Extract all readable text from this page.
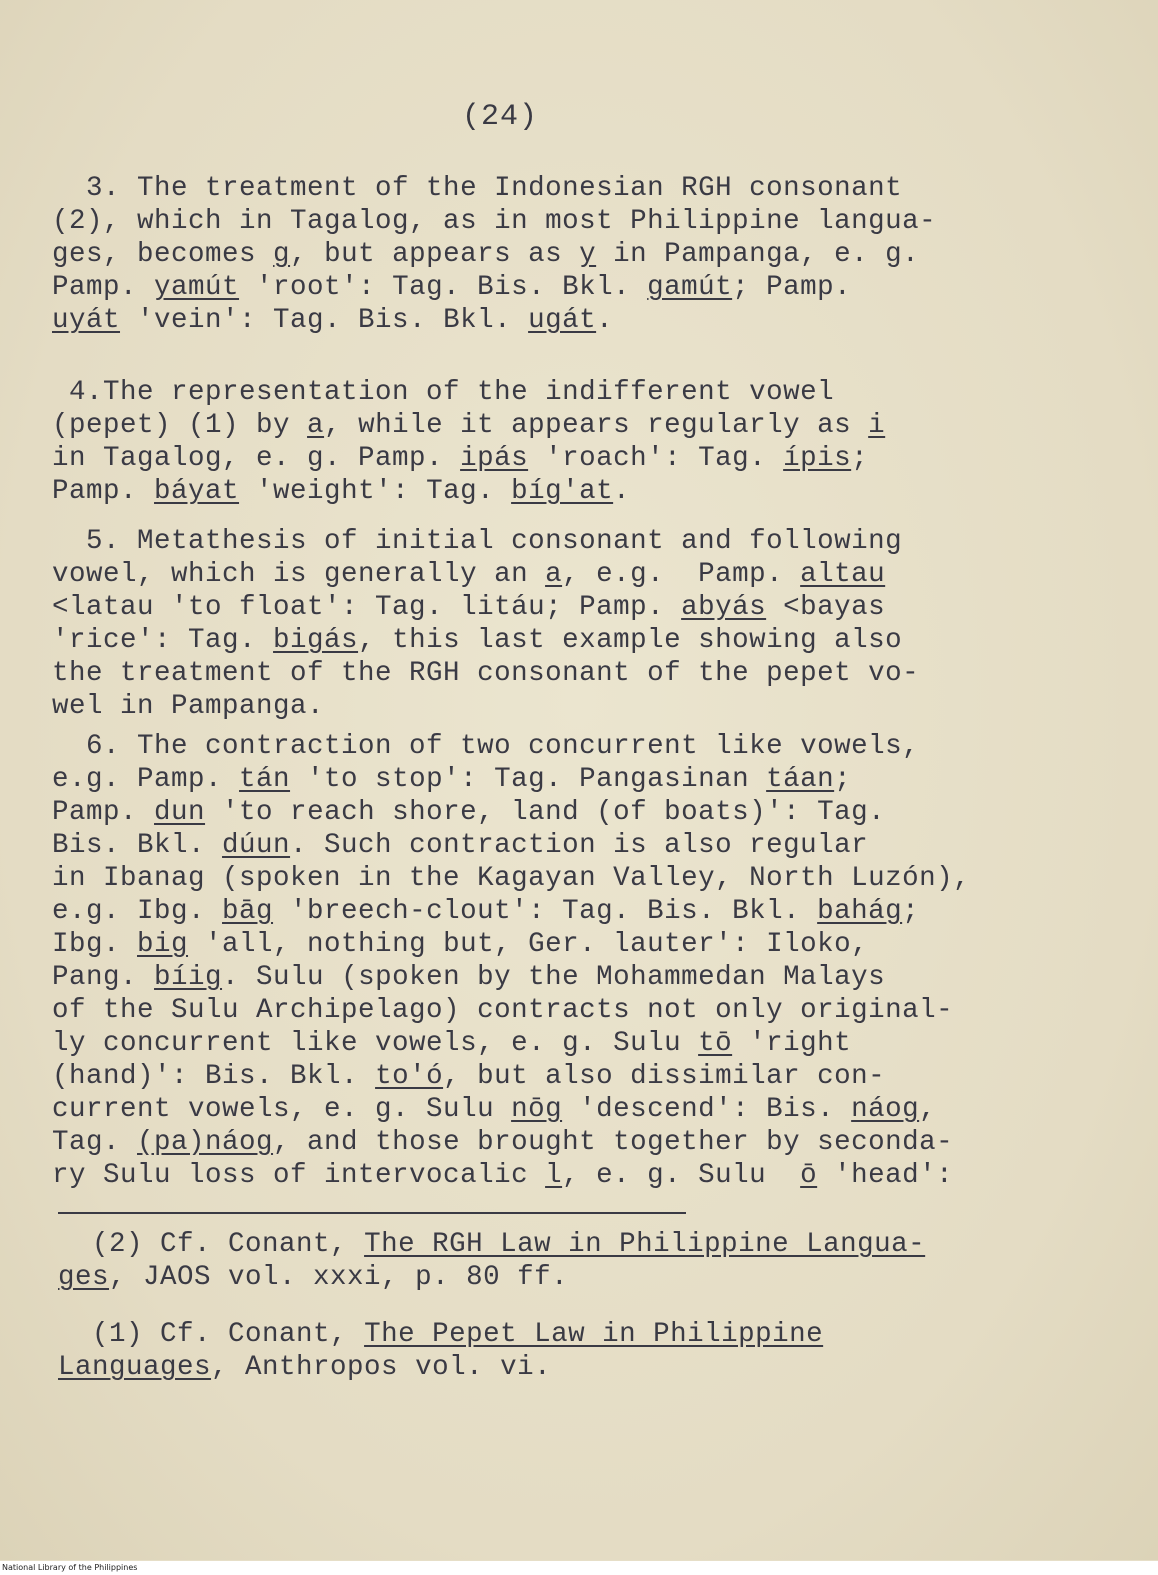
(24)
3. The treatment of the Indonesian RGH consonant
(2), which in Tagalog, as in most Philippine langua-
ges, becomes g, but appears as y in Pampanga, e. g.
Pamp. yamút 'root': Tag. Bis. Bkl. gamút; Pamp.
uyát 'vein': Tag. Bis. Bkl. ugát.
4.The representation of the indifferent vowel
(pepet) (1) by a, while it appears regularly as i
in Tagalog, e. g. Pamp. ipás 'roach': Tag. ípis;
Pamp. báyat 'weight': Tag. bíg'at.
5. Metathesis of initial consonant and following
vowel, which is generally an a, e.g.  Pamp. altau
<latau 'to float': Tag. litáu; Pamp. abyás <bayas
'rice': Tag. bigás, this last example showing also
the treatment of the RGH consonant of the pepet vo-
wel in Pampanga.
6. The contraction of two concurrent like vowels,
e.g. Pamp. tán 'to stop': Tag. Pangasinan táan;
Pamp. dun 'to reach shore, land (of boats)': Tag.
Bis. Bkl. dúun. Such contraction is also regular
in Ibanag (spoken in the Kagayan Valley, North Luzón),
e.g. Ibg. bāg 'breech-clout': Tag. Bis. Bkl. bahág;
Ibg. big 'all, nothing but, Ger. lauter': Iloko,
Pang. bíig. Sulu (spoken by the Mohammedan Malays
of the Sulu Archipelago) contracts not only original-
ly concurrent like vowels, e. g. Sulu tō 'right
(hand)': Bis. Bkl. to'ó, but also dissimilar con-
current vowels, e. g. Sulu nōg 'descend': Bis. náog,
Tag. (pa)náog, and those brought together by seconda-
ry Sulu loss of intervocalic l, e. g. Sulu  ō 'head':
(2) Cf. Conant, The RGH Law in Philippine Langua-
ges, JAOS vol. xxxi, p. 80 ff.
(1) Cf. Conant, The Pepet Law in Philippine
Languages, Anthropos vol. vi.
National Library of the Philippines
